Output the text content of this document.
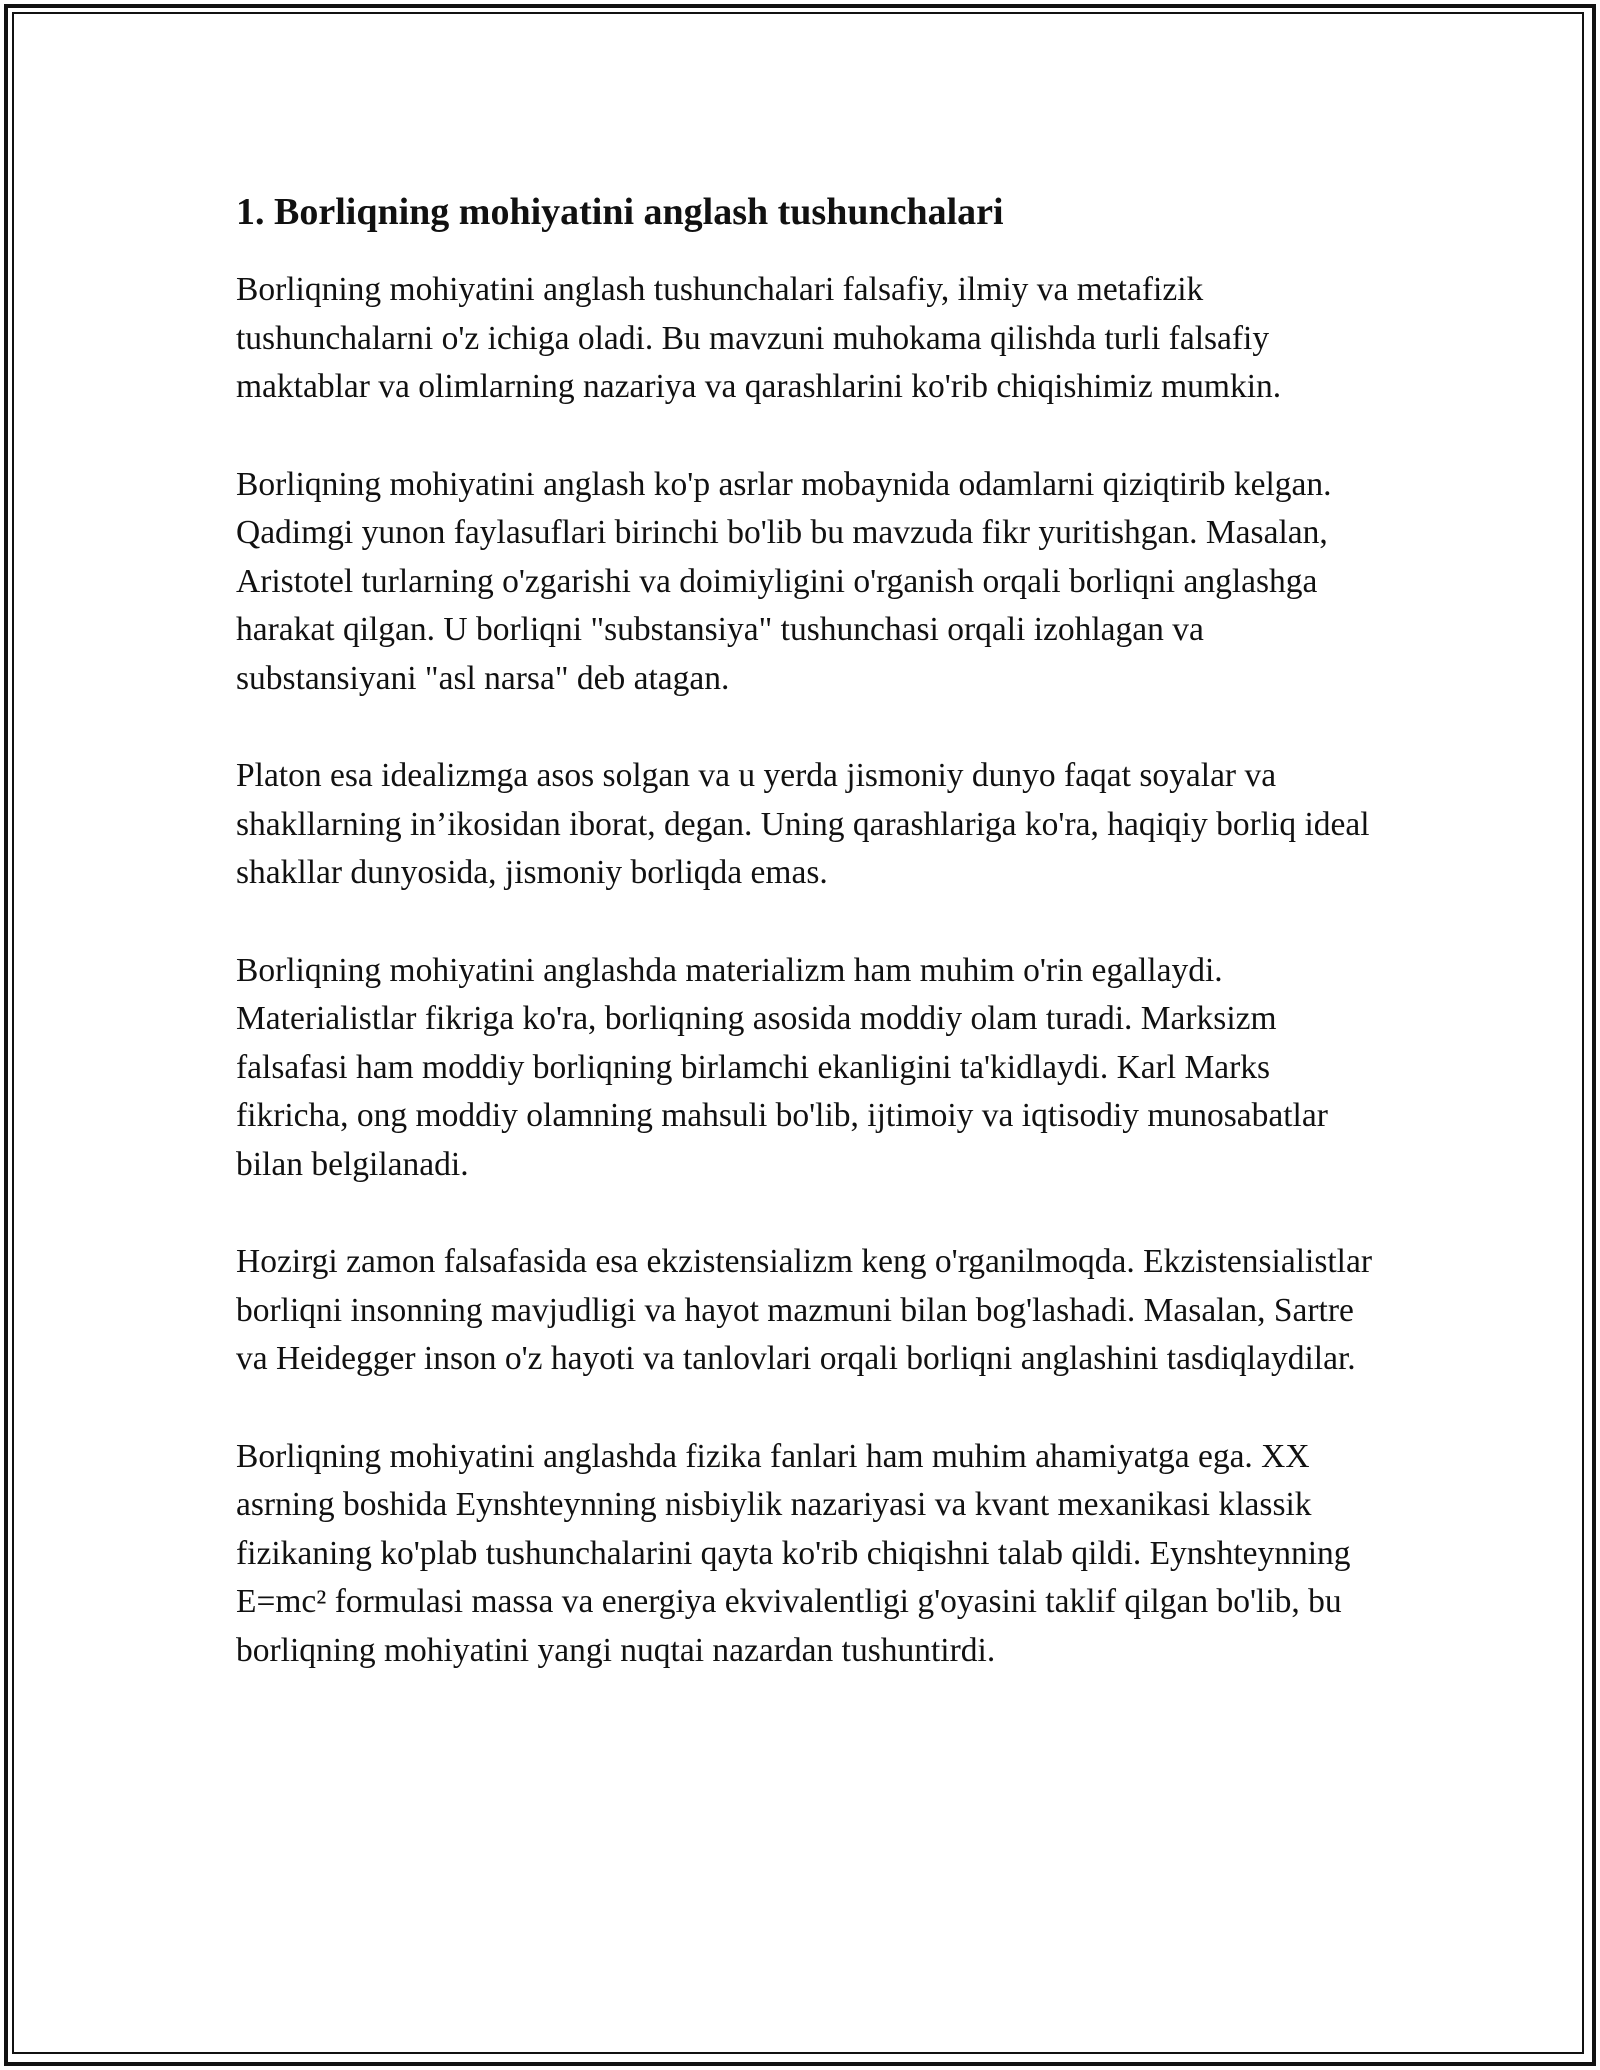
1. Borliqning mohiyatini anglash tushunchalari

Borliqning mohiyatini anglash tushunchalari falsafiy, ilmiy va metafizik tushunchalarni o'z ichiga oladi. Bu mavzuni muhokama qilishda turli falsafiy maktablar va olimlarning nazariya va qarashlarini ko'rib chiqishimiz mumkin.

Borliqning mohiyatini anglash ko'p asrlar mobaynida odamlarni qiziqtirib kelgan. Qadimgi yunon faylasuflari birinchi bo'lib bu mavzuda fikr yuritishgan. Masalan, Aristotel turlarning o'zgarishi va doimiyligini o'rganish orqali borliqni anglashga harakat qilgan. U borliqni "substansiya" tushunchasi orqali izohlagan va substansiyani "asl narsa" deb atagan.

Platon esa idealizmga asos solgan va u yerda jismoniy dunyo faqat soyalar va shakllarning in’ikosidan iborat, degan. Uning qarashlariga ko'ra, haqiqiy borliq ideal shakllar dunyosida, jismoniy borliqda emas.

Borliqning mohiyatini anglashda materializm ham muhim o'rin egallaydi. Materialistlar fikriga ko'ra, borliqning asosida moddiy olam turadi. Marksizm falsafasi ham moddiy borliqning birlamchi ekanligini ta'kidlaydi. Karl Marks fikricha, ong moddiy olamning mahsuli bo'lib, ijtimoiy va iqtisodiy munosabatlar bilan belgilanadi.

Hozirgi zamon falsafasida esa ekzistensializm keng o'rganilmoqda. Ekzistensialistlar borliqni insonning mavjudligi va hayot mazmuni bilan bog'lashadi. Masalan, Sartre va Heidegger inson o'z hayoti va tanlovlari orqali borliqni anglashini tasdiqlaydilar.

Borliqning mohiyatini anglashda fizika fanlari ham muhim ahamiyatga ega. XX asrning boshida Eynshteynning nisbiylik nazariyasi va kvant mexanikasi klassik fizikaning ko'plab tushunchalarini qayta ko'rib chiqishni talab qildi. Eynshteynning E=mc² formulasi massa va energiya ekvivalentligi g'oyasini taklif qilgan bo'lib, bu borliqning mohiyatini yangi nuqtai nazardan tushuntirdi.
